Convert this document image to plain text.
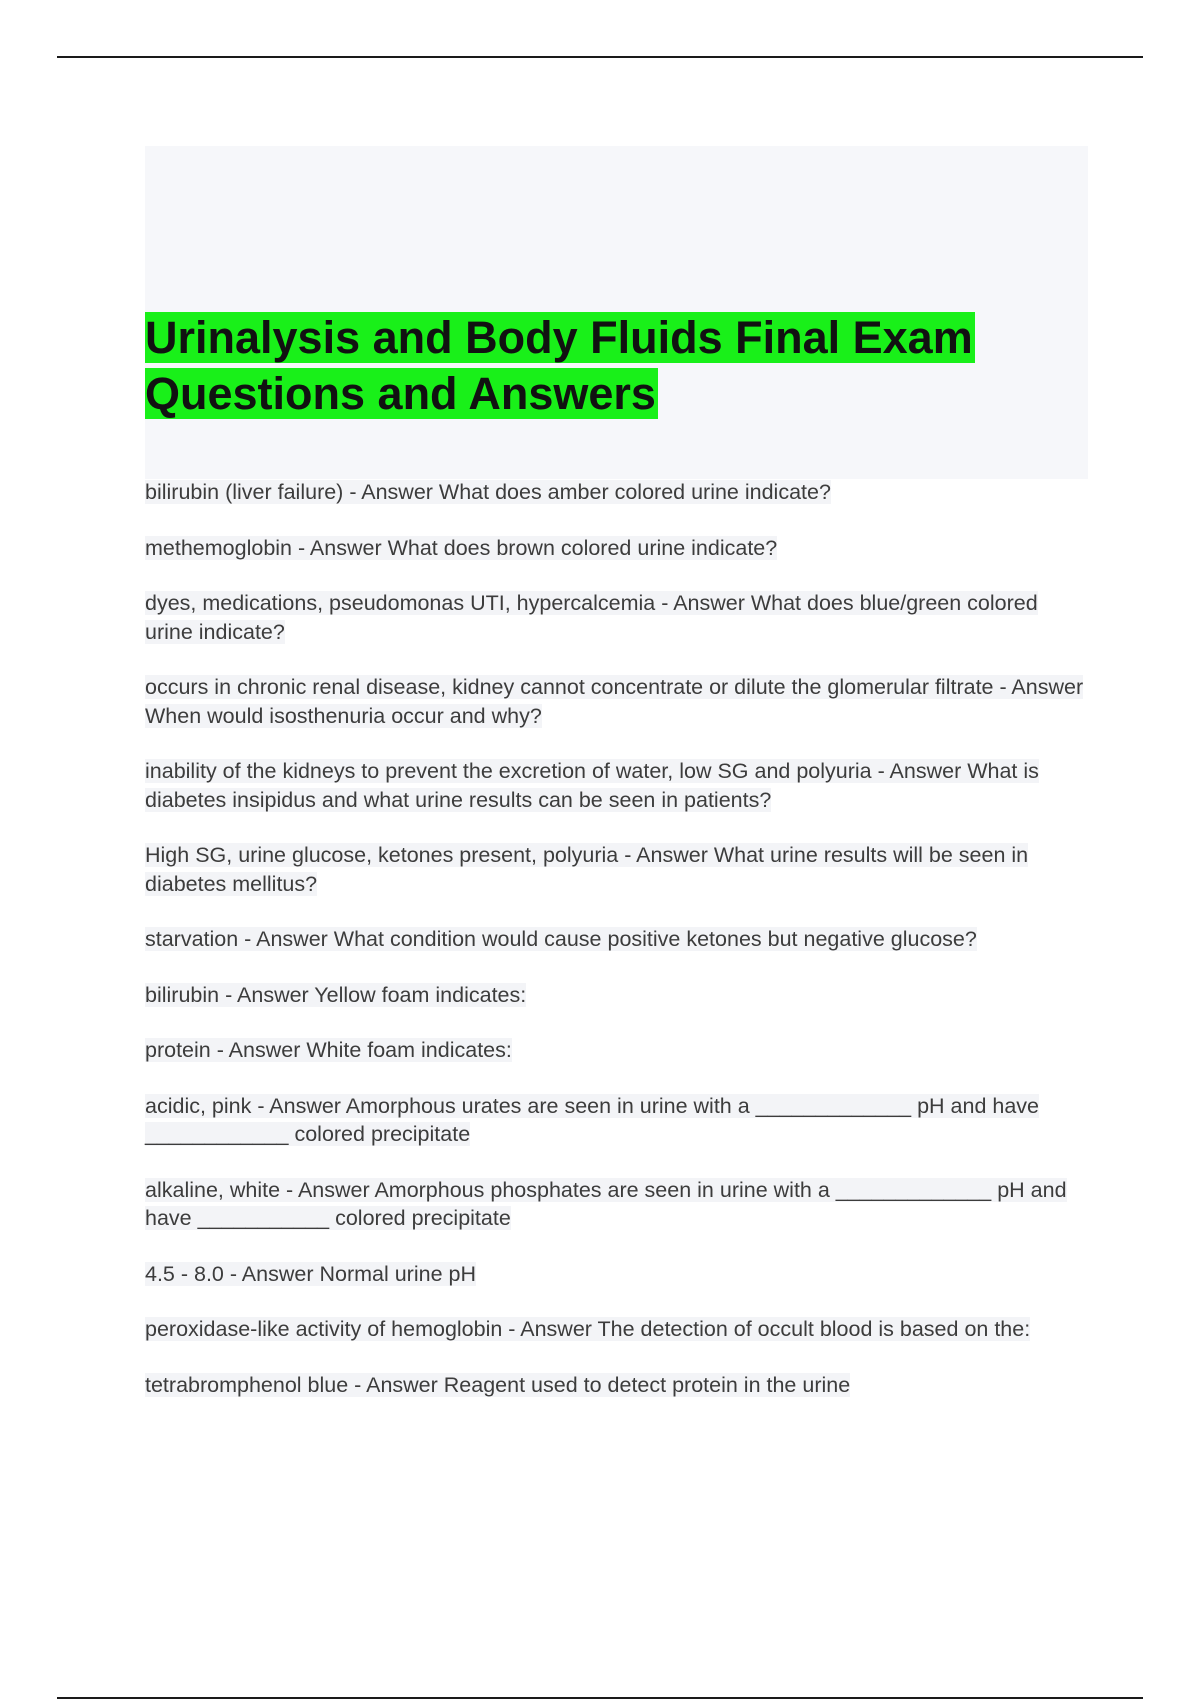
Urinalysis and Body Fluids Final Exam Questions and Answers
bilirubin (liver failure) - Answer What does amber colored urine indicate?
methemoglobin - Answer What does brown colored urine indicate?
dyes, medications, pseudomonas UTI, hypercalcemia - Answer What does blue/green colored urine indicate?
occurs in chronic renal disease, kidney cannot concentrate or dilute the glomerular filtrate - Answer When would isosthenuria occur and why?
inability of the kidneys to prevent the excretion of water, low SG and polyuria - Answer What is diabetes insipidus and what urine results can be seen in patients?
High SG, urine glucose, ketones present, polyuria - Answer What urine results will be seen in diabetes mellitus?
starvation - Answer What condition would cause positive ketones but negative glucose?
bilirubin - Answer Yellow foam indicates:
protein - Answer White foam indicates:
acidic, pink - Answer Amorphous urates are seen in urine with a _____________ pH and have ____________ colored precipitate
alkaline, white - Answer Amorphous phosphates are seen in urine with a _____________ pH and have ___________ colored precipitate
4.5 - 8.0 - Answer Normal urine pH
peroxidase-like activity of hemoglobin - Answer The detection of occult blood is based on the:
tetrabromphenol blue - Answer Reagent used to detect protein in the urine
